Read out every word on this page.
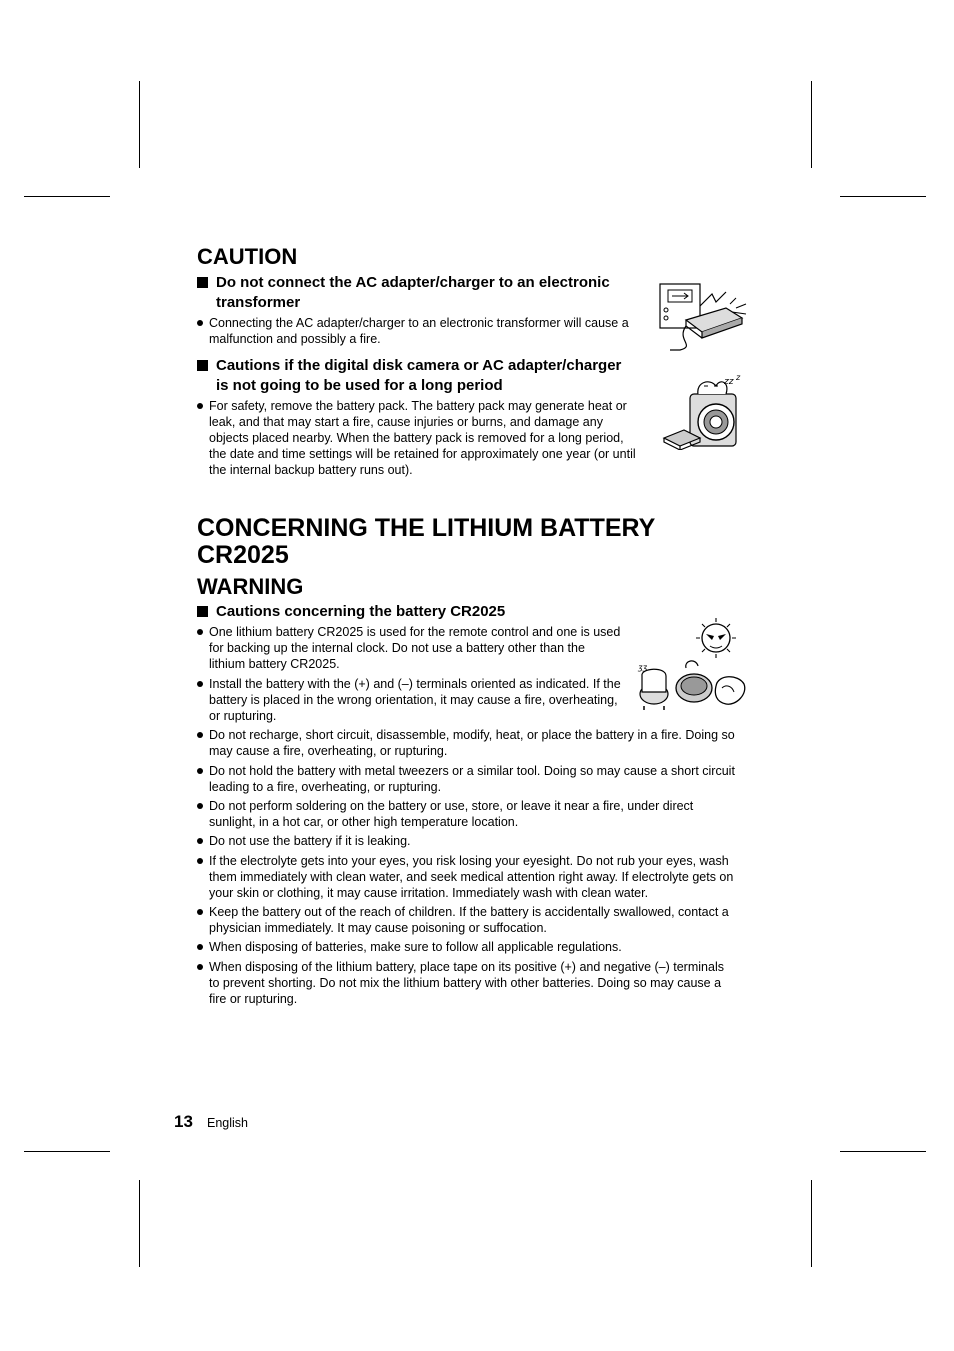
CAUTION
Do not connect the AC adapter/charger to an electronic
transformer
Connecting the AC adapter/charger to an electronic transformer will cause a
malfunction and possibly a fire.
Cautions if the digital disk camera or AC adapter/charger
is not going to be used for a long period
For safety, remove the battery pack. The battery pack may generate heat or
leak, and that may start a fire, cause injuries or burns, and damage any
objects placed nearby. When the battery pack is removed for a long period,
the date and time settings will be retained for approximately one year (or until
the internal backup battery runs out).
zz z
CONCERNING THE LITHIUM BATTERY
CR2025
WARNING
Cautions concerning the battery CR2025
ʒʒ
One lithium battery CR2025 is used for the remote control and one is used
for backing up the internal clock. Do not use a battery other than the
lithium battery CR2025.
Install the battery with the (+) and (–) terminals oriented as indicated. If the
battery is placed in the wrong orientation, it may cause a fire, overheating,
or rupturing.
Do not recharge, short circuit, disassemble, modify, heat, or place the battery in a fire. Doing so
may cause a fire, overheating, or rupturing.
Do not hold the battery with metal tweezers or a similar tool. Doing so may cause a short circuit
leading to a fire, overheating, or rupturing.
Do not perform soldering on the battery or use, store, or leave it near a fire, under direct
sunlight, in a hot car, or other high temperature location.
Do not use the battery if it is leaking.
If the electrolyte gets into your eyes, you risk losing your eyesight. Do not rub your eyes, wash
them immediately with clean water, and seek medical attention right away. If electrolyte gets on
your skin or clothing, it may cause irritation. Immediately wash with clean water.
Keep the battery out of the reach of children. If the battery is accidentally swallowed, contact a
physician immediately. It may cause poisoning or suffocation.
When disposing of batteries, make sure to follow all applicable regulations.
When disposing of the lithium battery, place tape on its positive (+) and negative (–) terminals
to prevent shorting. Do not mix the lithium battery with other batteries. Doing so may cause a
fire or rupturing.
13 English
